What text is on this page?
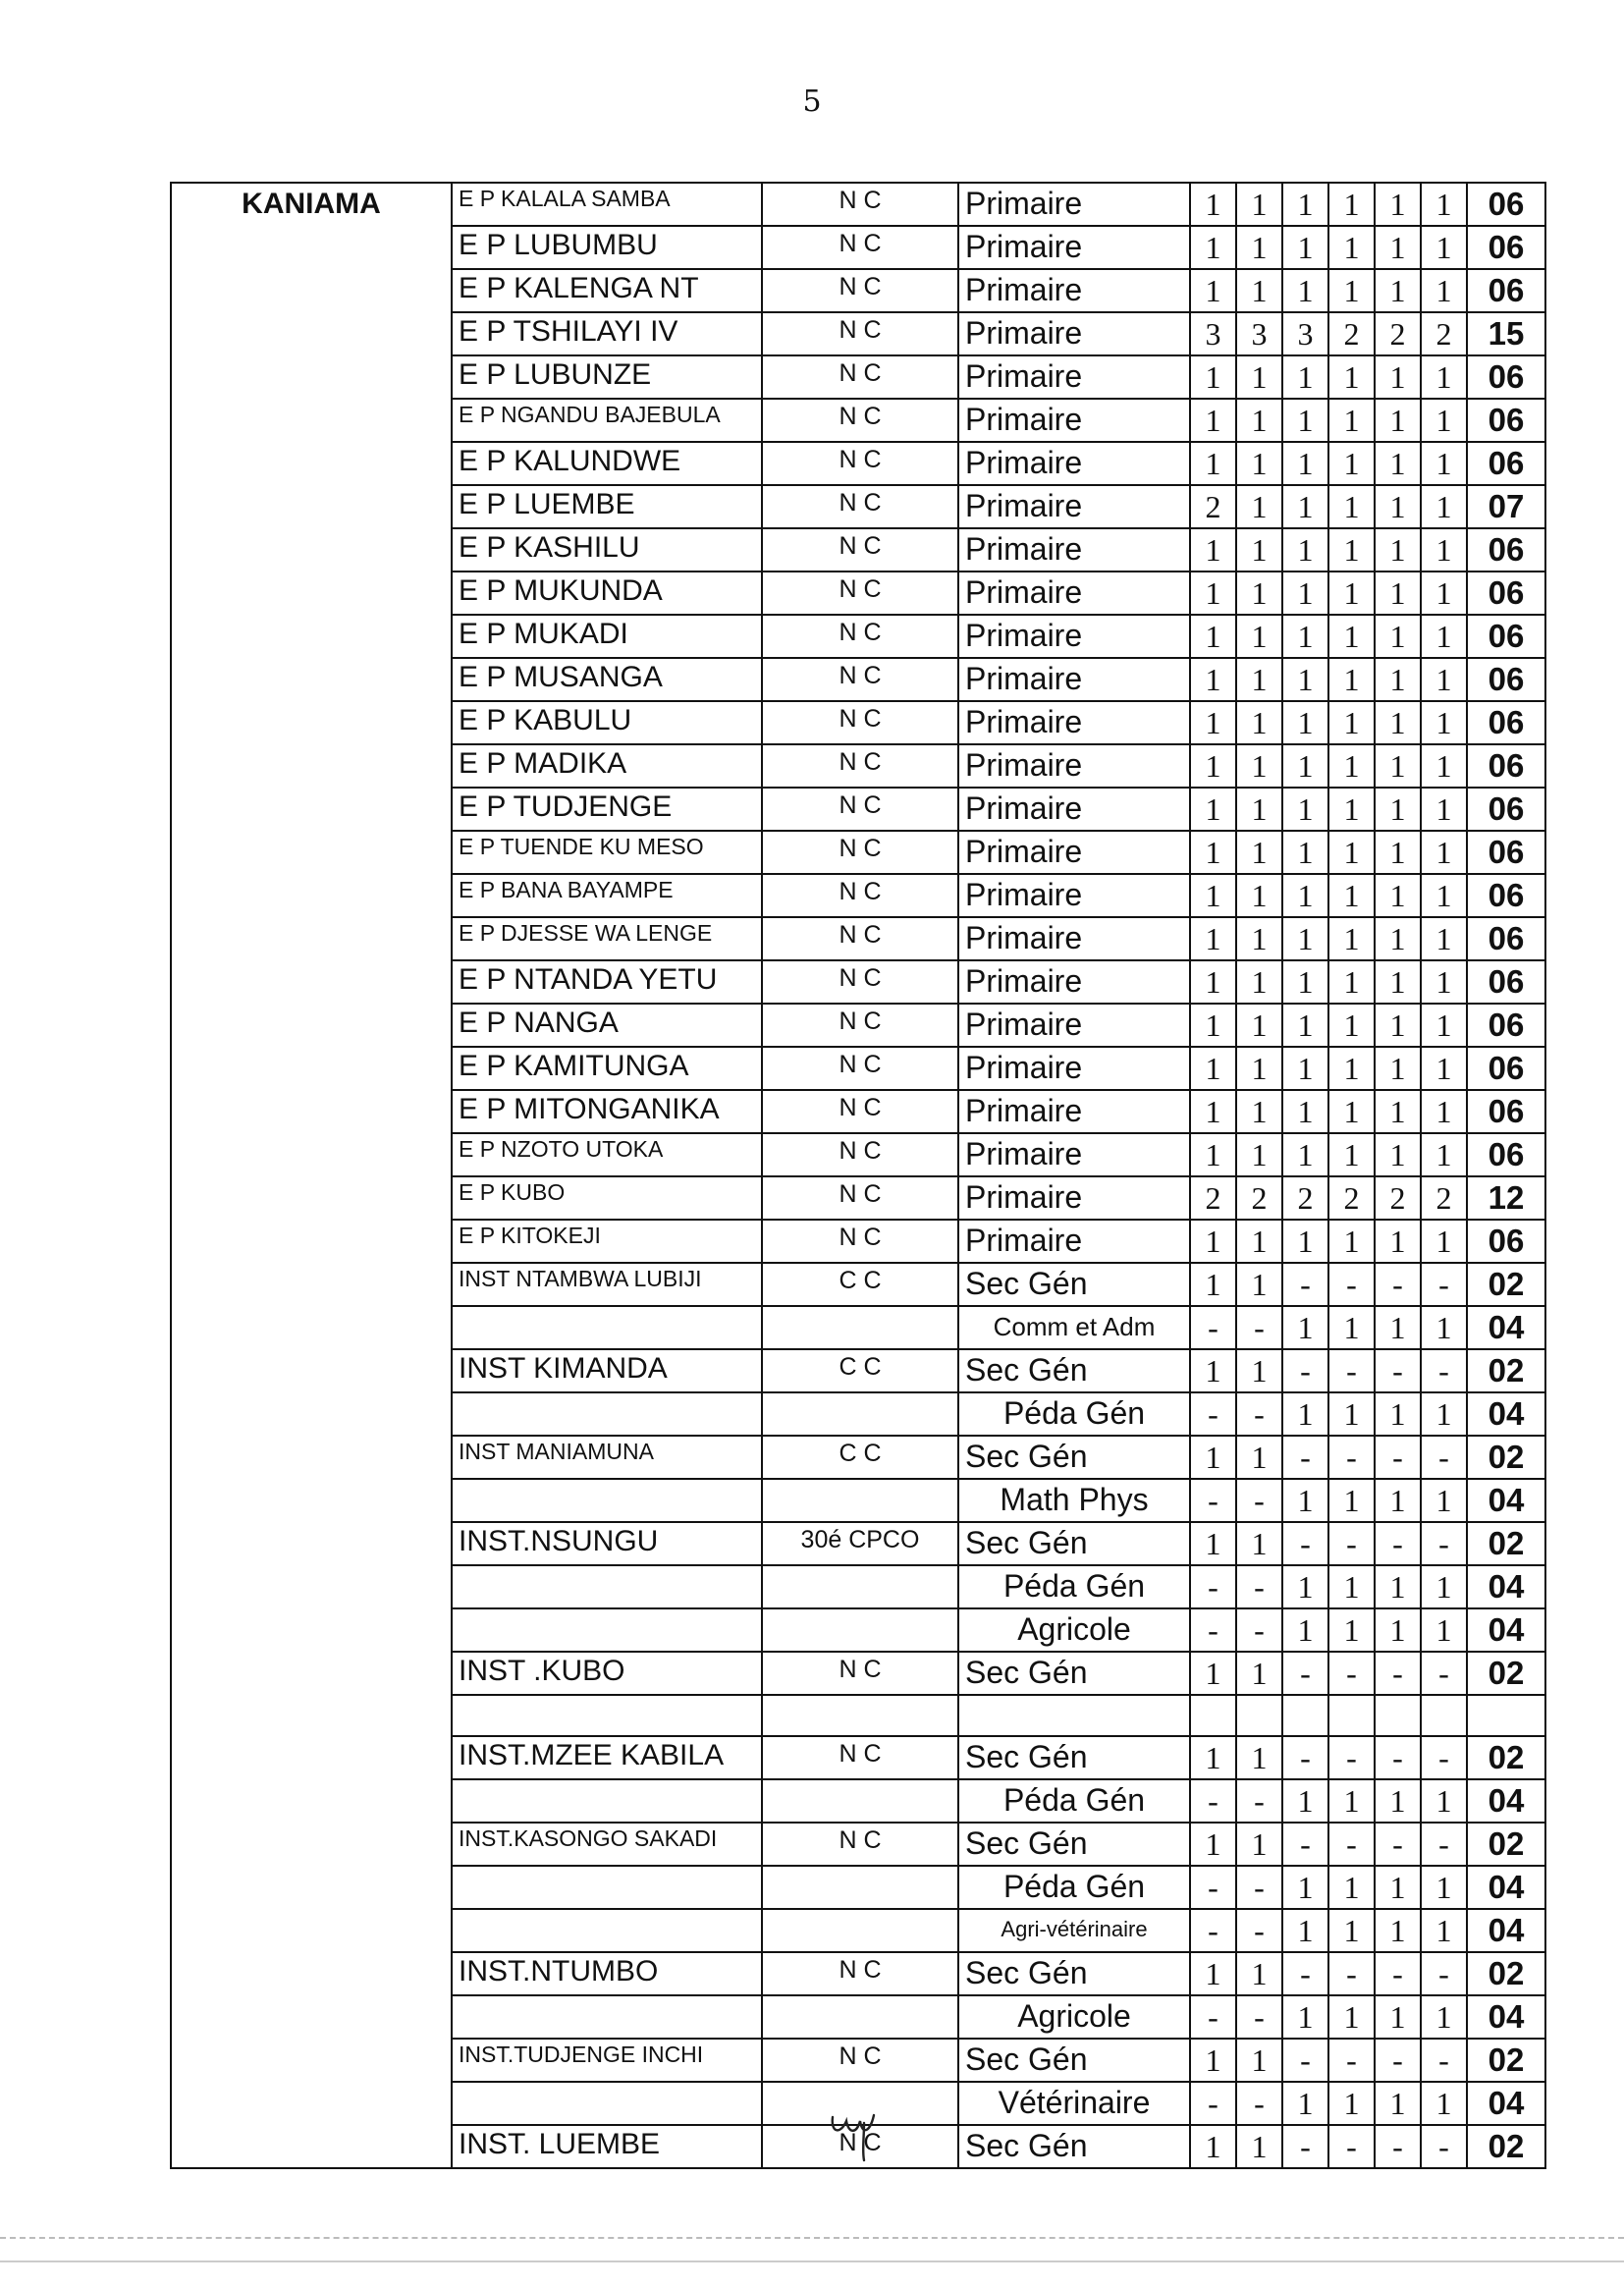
5
KANIAMA	E P KALALA SAMBA	N C	Primaire	1	1	1	1	1	1	06
	E P LUBUMBU	N C	Primaire	1	1	1	1	1	1	06
	E P KALENGA NT	N C	Primaire	1	1	1	1	1	1	06
	E P TSHILAYI IV	N C	Primaire	3	3	3	2	2	2	15
	E P LUBUNZE	N C	Primaire	1	1	1	1	1	1	06
	E P NGANDU BAJEBULA	N C	Primaire	1	1	1	1	1	1	06
	E P KALUNDWE	N C	Primaire	1	1	1	1	1	1	06
	E P LUEMBE	N C	Primaire	2	1	1	1	1	1	07
	E P KASHILU	N C	Primaire	1	1	1	1	1	1	06
	E P MUKUNDA	N C	Primaire	1	1	1	1	1	1	06
	E P MUKADI	N C	Primaire	1	1	1	1	1	1	06
	E P MUSANGA	N C	Primaire	1	1	1	1	1	1	06
	E P KABULU	N C	Primaire	1	1	1	1	1	1	06
	E P MADIKA	N C	Primaire	1	1	1	1	1	1	06
	E P TUDJENGE	N C	Primaire	1	1	1	1	1	1	06
	E P TUENDE KU MESO	N C	Primaire	1	1	1	1	1	1	06
	E P BANA BAYAMPE	N C	Primaire	1	1	1	1	1	1	06
	E P DJESSE WA LENGE	N C	Primaire	1	1	1	1	1	1	06
	E P NTANDA YETU	N C	Primaire	1	1	1	1	1	1	06
	E P NANGA	N C	Primaire	1	1	1	1	1	1	06
	E P KAMITUNGA	N C	Primaire	1	1	1	1	1	1	06
	E P MITONGANIKA	N C	Primaire	1	1	1	1	1	1	06
	E P NZOTO UTOKA	N C	Primaire	1	1	1	1	1	1	06
	E P KUBO	N C	Primaire	2	2	2	2	2	2	12
	E P KITOKEJI	N C	Primaire	1	1	1	1	1	1	06
	INST NTAMBWA LUBIJI	C C	Sec Gén	1	1	-	-	-	-	02
			Comm et Adm	-	-	1	1	1	1	04
	INST KIMANDA	C C	Sec Gén	1	1	-	-	-	-	02
			Péda Gén	-	-	1	1	1	1	04
	INST MANIAMUNA	C C	Sec Gén	1	1	-	-	-	-	02
			Math Phys	-	-	1	1	1	1	04
	INST.NSUNGU	30é CPCO	Sec Gén	1	1	-	-	-	-	02
			Péda Gén	-	-	1	1	1	1	04
			Agricole	-	-	1	1	1	1	04
	INST .KUBO	N C	Sec Gén	1	1	-	-	-	-	02

	INST.MZEE KABILA	N C	Sec Gén	1	1	-	-	-	-	02
			Péda Gén	-	-	1	1	1	1	04
	INST.KASONGO SAKADI	N C	Sec Gén	1	1	-	-	-	-	02
			Péda Gén	-	-	1	1	1	1	04
			Agri-vétérinaire	-	-	1	1	1	1	04
	INST.NTUMBO	N C	Sec Gén	1	1	-	-	-	-	02
			Agricole	-	-	1	1	1	1	04
	INST.TUDJENGE INCHI	N C	Sec Gén	1	1	-	-	-	-	02
			Vétérinaire	-	-	1	1	1	1	04
	INST. LUEMBE	N C	Sec Gén	1	1	-	-	-	-	02
